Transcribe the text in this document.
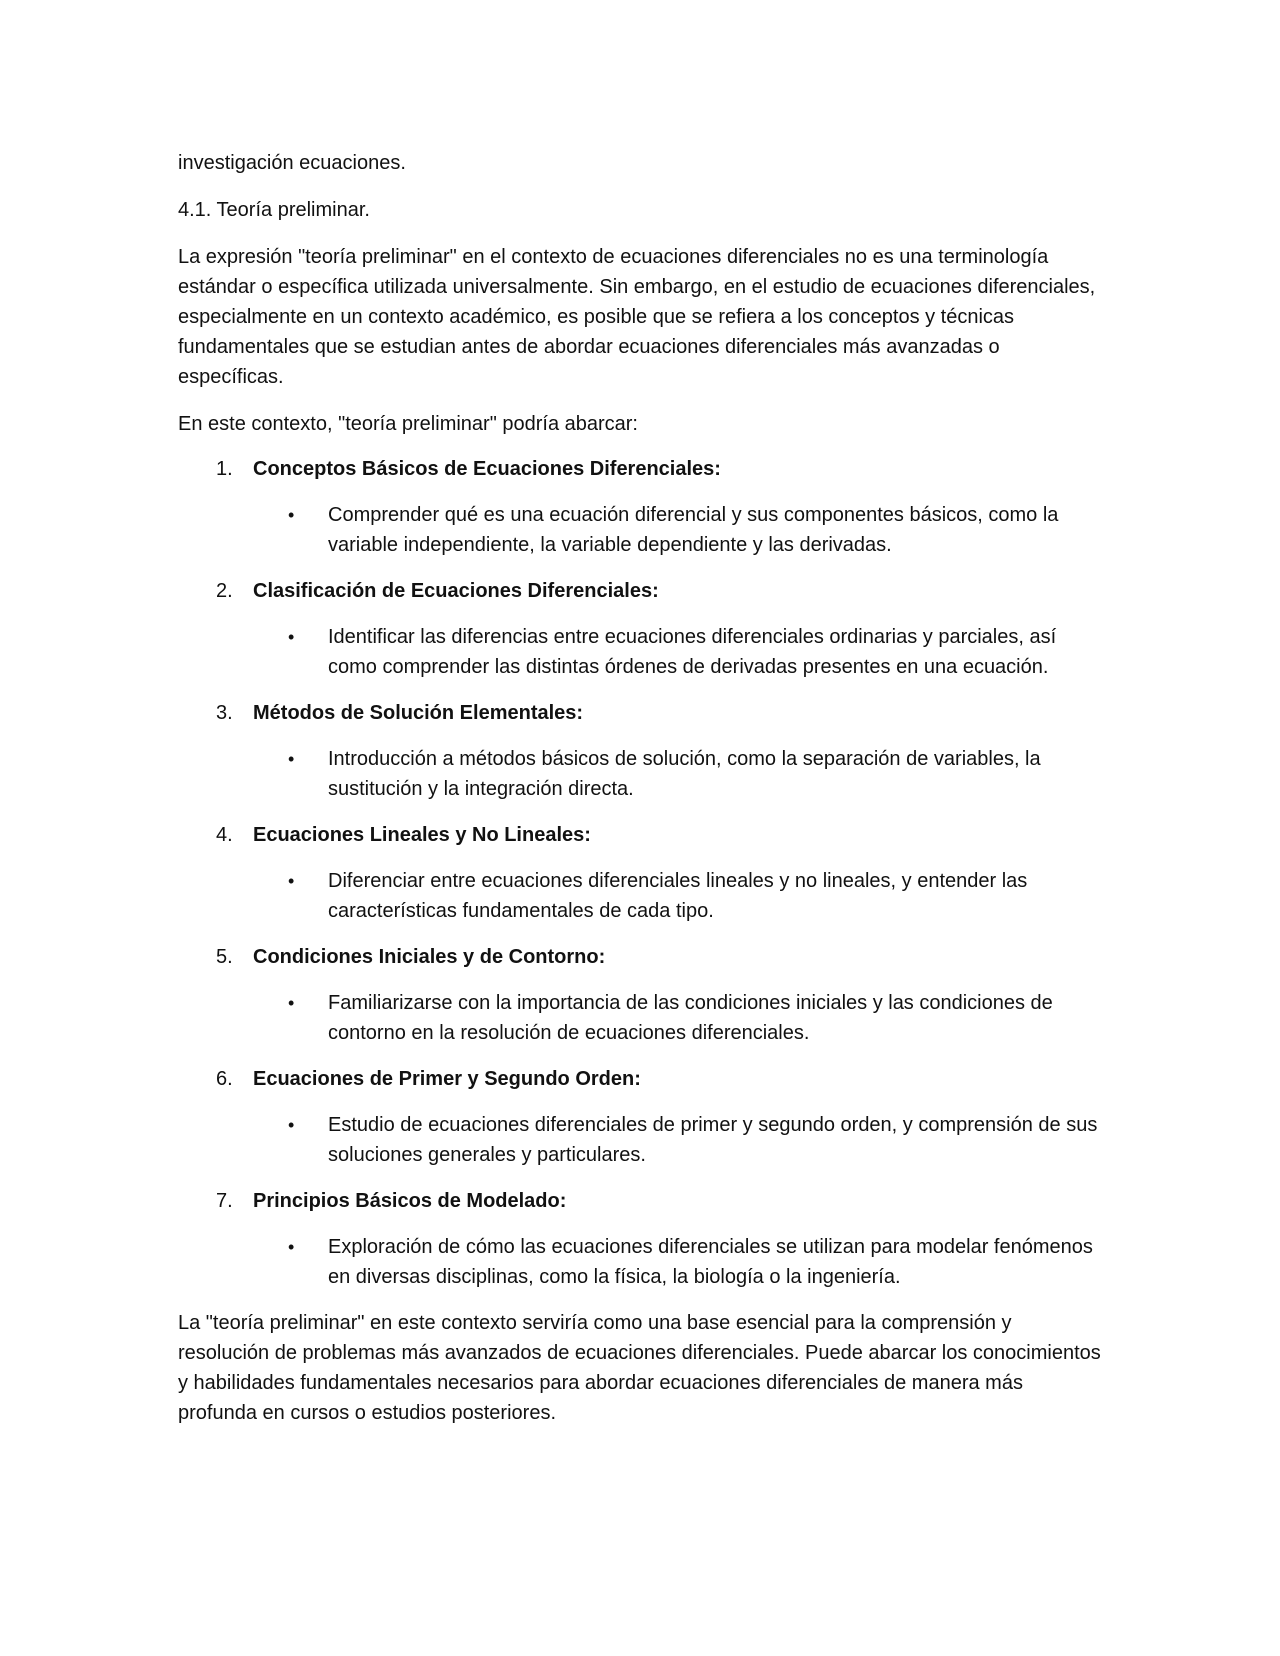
investigación ecuaciones.

4.1. Teoría preliminar.

La expresión "teoría preliminar" en el contexto de ecuaciones diferenciales no es una terminología estándar o específica utilizada universalmente. Sin embargo, en el estudio de ecuaciones diferenciales, especialmente en un contexto académico, es posible que se refiera a los conceptos y técnicas fundamentales que se estudian antes de abordar ecuaciones diferenciales más avanzadas o específicas.

En este contexto, "teoría preliminar" podría abarcar:

1. Conceptos Básicos de Ecuaciones Diferenciales:
• Comprender qué es una ecuación diferencial y sus componentes básicos, como la variable independiente, la variable dependiente y las derivadas.
2. Clasificación de Ecuaciones Diferenciales:
• Identificar las diferencias entre ecuaciones diferenciales ordinarias y parciales, así como comprender las distintas órdenes de derivadas presentes en una ecuación.
3. Métodos de Solución Elementales:
• Introducción a métodos básicos de solución, como la separación de variables, la sustitución y la integración directa.
4. Ecuaciones Lineales y No Lineales:
• Diferenciar entre ecuaciones diferenciales lineales y no lineales, y entender las características fundamentales de cada tipo.
5. Condiciones Iniciales y de Contorno:
• Familiarizarse con la importancia de las condiciones iniciales y las condiciones de contorno en la resolución de ecuaciones diferenciales.
6. Ecuaciones de Primer y Segundo Orden:
• Estudio de ecuaciones diferenciales de primer y segundo orden, y comprensión de sus soluciones generales y particulares.
7. Principios Básicos de Modelado:
• Exploración de cómo las ecuaciones diferenciales se utilizan para modelar fenómenos en diversas disciplinas, como la física, la biología o la ingeniería.

La "teoría preliminar" en este contexto serviría como una base esencial para la comprensión y resolución de problemas más avanzados de ecuaciones diferenciales. Puede abarcar los conocimientos y habilidades fundamentales necesarios para abordar ecuaciones diferenciales de manera más profunda en cursos o estudios posteriores.
